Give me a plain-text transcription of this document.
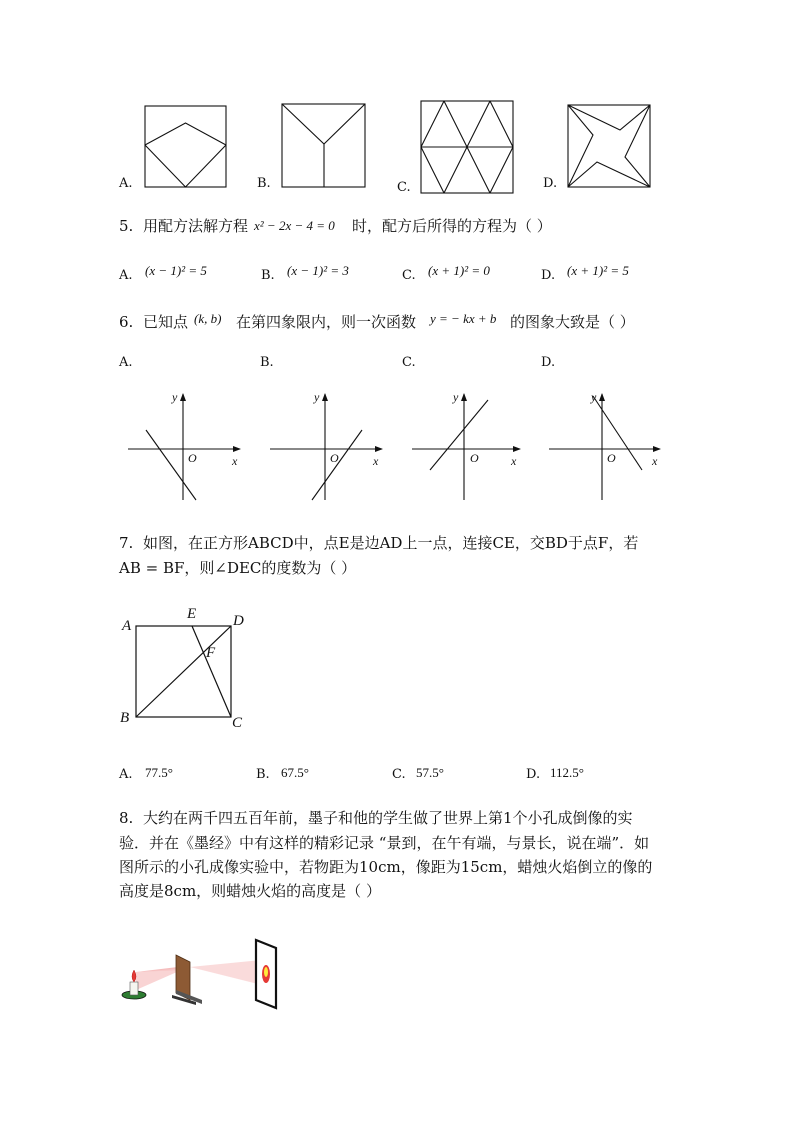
A.	B.	C.	D.
5. 用配方法解方程 x² − 2x − 4 = 0 时，配方后所得的方程为（ ）
A. (x − 1)² = 5	B. (x − 1)² = 3	C. (x + 1)² = 0	D. (x + 1)² = 5
6. 已知点 (k, b) 在第四象限内，则一次函数 y = − kx + b 的图象大致是（ ）
A.	B.	C.	D.
y
O	x
y
O	x
y
O	x
y
O	x
7. 如图，在正方形ABCD中，点E是边AD上一点，连接CE，交BD于点F，若
AB = BF，则∠DEC的度数为（ ）
A
E D
F
B	C
A. 77.5°	B. 67.5°	C. 57.5°	D. 112.5°
8. 大约在两千四五百年前，墨子和他的学生做了世界上第1个小孔成倒像的实
验．并在《墨经》中有这样的精彩记录 “景到，在午有端，与景长，说在端”．如
图所示的小孔成像实验中，若物距为10cm，像距为15cm，蜡烛火焰倒立的像的
高度是8cm，则蜡烛火焰的高度是（ ）
